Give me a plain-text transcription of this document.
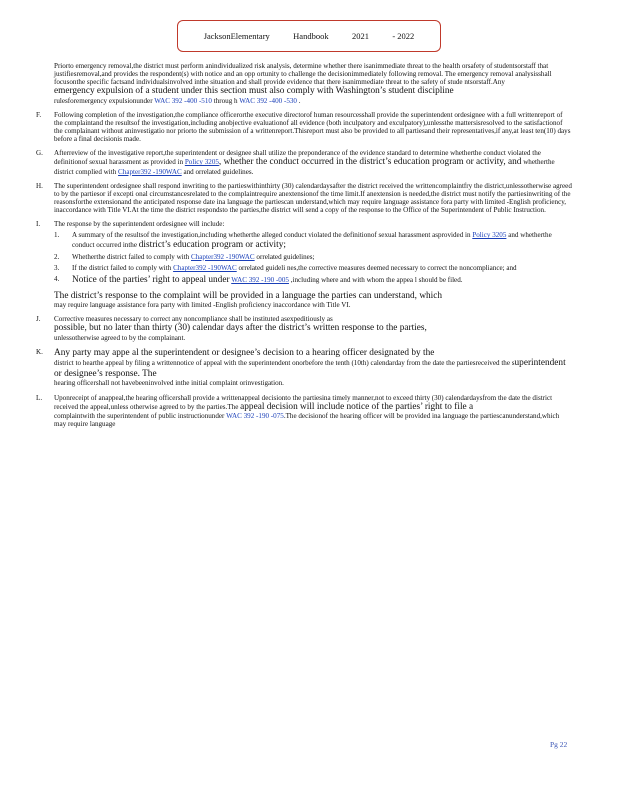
JacksonElementary	Handbook	2021	- 2022

Priorto emergency removal,the district must perform anindividualized risk analysis, determine whether there isanimmediate threat to the health orsafety of studentsorstaff that justifiesremoval,and provides the respondent(s) with notice and an opp ortunity to challenge the decisionimmediately following removal. The emergency removal analysisshall focusonthe specific factsand individualsinvolved inthe situation and shall provide evidence that there isanimmediate threat to the safety of stude ntsorstaff.Any

emergency expulsion of a student under this section must also comply with Washington’s student discipline

rulesforemergency expulsionunder WAC 392 -400 -510 throug h WAC 392 -400 -530 .

F.	Following completion of the investigation,the compliance officerorthe executive directorof human resourcesshall provide the superintendent ordesignee with a full writtenreport of the complaintand the resultsof the investigation,including anobjective evaluationof all evidence (both inculpatory and exculpatory),unlessthe mattersisresolved to the satisfactionof the complainant without aninvestigatio nor priorto the submission of a writtenreport.Thisreport must also be provided to all partiesand their representatives,if any,at least ten(10) days before a final decisionis made.

G.	Afterreview of the investigative report,the superintendent or designee shall utilize the preponderance of the evidence standard to determine whetherthe conduct violated the definitionof sexual harassment as provided in Policy 3205, whether the conduct occurred in the district’s education program or activity, and whetherthe district complied with Chapter392 -190WAC and orrelated guidelines.

H.	The superintendent ordesignee shall respond inwriting to the partieswithinthirty (30) calendardaysafter the district received the writtencomplaintfry the district,unlessotherwise agreed to by the partiesor if excepti onal circumstancesrelated to the complaintrequire anextensionof the time limit.If anextension is needed,the district must notify the partiesinwriting of the reasonsforthe extensionand the anticipated response date ina language the partiescan understand,which may require language assistance fora party with limited -English proficiency, inaccordance with Title VI.At the time the district respondsto the parties,the district will send a copy of the response to the Office of the Superintendent of Public Instruction.

I.	The response by the superintendent ordesignee will include:

1.	A summary of the resultsof the investigation,including whetherthe alleged conduct violated the definitionof sexual harassment asprovided in Policy 3205 and whetherthe conduct occurred inthe district’s education program or activity;
2.	Whetherthe district failed to comply with Chapter392 -190WAC orrelated guidelines;
3.	If the district failed to comply with Chapter392 -190WAC orrelated guideli nes,the corrective measures deemed necessary to correct the noncompliance; and
4.	Notice of the parties’ right to appeal under WAC 392 -190 -005 ,including where and with whom the appea l should be filed.

The district’s response to the complaint will be provided in a language the parties can understand, which

may require language assistance fora party with limited -English proficiency inaccordance with Title VI.

J.	Corrective measures necessary to correct any noncompliance shall be instituted asexpeditiously as

possible, but no later than thirty (30) calendar days after the district’s written response to the parties,

unlessotherwise agreed to by the complainant.

K.	Any party may appe al the superintendent or designee’s decision to a hearing officer designated by the

district to hearthe appeal by filing a writtennotice of appeal with the superintendent onorbefore the tenth (10th) calendarday from the date the partiesreceived the superintendent or designee’s response. The

hearing officershall not havebeeninvolved inthe initial complaint orinvestigation.

L.	Uponreceipt of anappeal,the hearing officershall provide a writtenappeal decisionto the partiesina timely manner,not to exceed thirty (30) calendardaysfrom the date the district received the appeal,unless otherwise agreed to by the parties.The appeal decision will include notice of the parties’ right to file a

complaintwith the superintendent of public instructionunder WAC 392 -190 -075.The decisionof the hearing officer will be provided ina language the partiescanunderstand,which may require language

Pg 22
